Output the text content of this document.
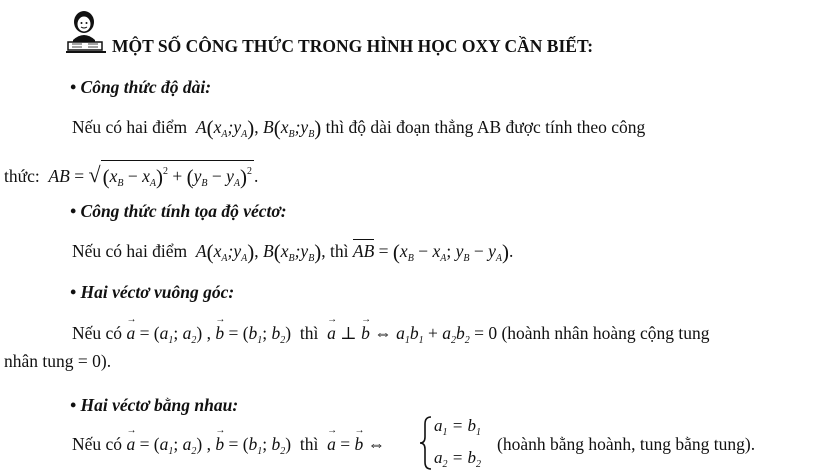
MỘT SỐ CÔNG THỨC TRONG HÌNH HỌC OXY CẦN BIẾT:
• Công thức độ dài:
Nếu có hai điểm  $A(x_A;y_A)$, $B(x_B;y_B)$ thì độ dài đoạn thẳng AB được tính theo công
thức:  AB = $√(x_B - x_A)^2 + (y_B - y_A)^2$ .
• Công thức tính tọa độ véctơ:
Nếu có hai điểm  $A(x_A;y_A)$, $B(x_B;y_B)$, thì AB = ($x_B - x_A$; $y_B - y_A$).
• Hai véctơ vuông góc:
Nếu có → $a = (a_1$; $a_2$) , → $b = (b_1$; $b_2$)  thì → a ⊥ → b ⇔ $a_1b_1 + a_2b_2 = 0$ (hoành nhân hoàng cộng tung
nhân tung = 0).
• Hai véctơ bằng nhau:
Nếu có → $a = (a_1$; $a_2$) , → $b = (b_1$; $b_2$)  thì → a = → b ⇔
$a_1 = b_1$
$a_2 = b_2$
(hoành bằng hoành, tung bằng tung).
